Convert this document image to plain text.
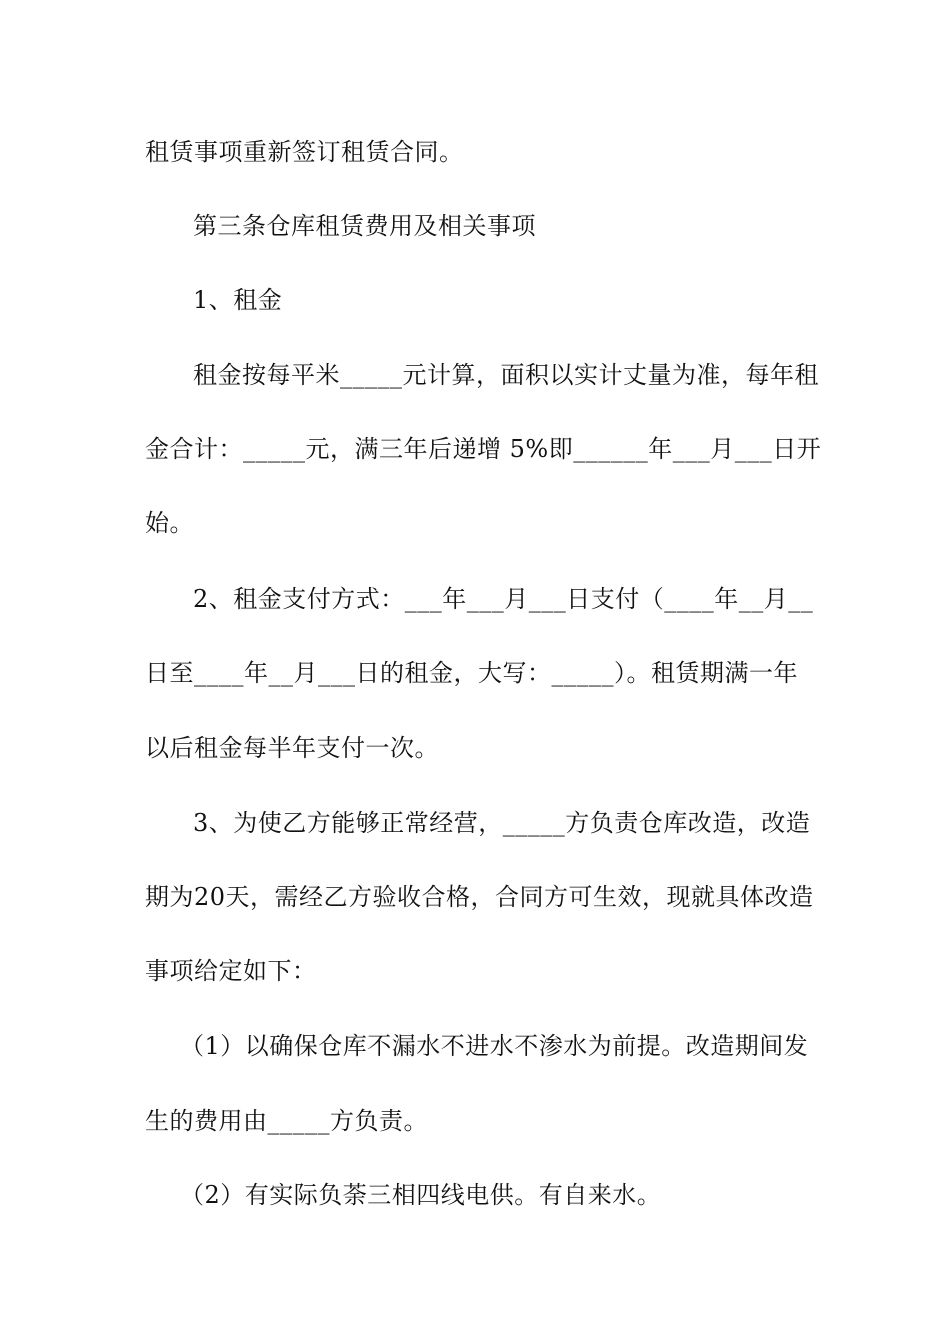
租赁事项重新签订租赁合同。
第三条仓库租赁费用及相关事项
1、租金
租金按每平米_____元计算，面积以实计丈量为准，每年租
金合计：_____元，满三年后递增 5%即______年___月___日开
始。
2、租金支付方式：___年___月___日支付（____年__月__
日至____年__月___日的租金，大写：_____）。租赁期满一年
以后租金每半年支付一次。
3、为使乙方能够正常经营，_____方负责仓库改造，改造
期为20天，需经乙方验收合格，合同方可生效，现就具体改造
事项给定如下：
（1）以确保仓库不漏水不进水不渗水为前提。改造期间发
生的费用由_____方负责。
（2）有实际负荼三相四线电供。有自来水。
